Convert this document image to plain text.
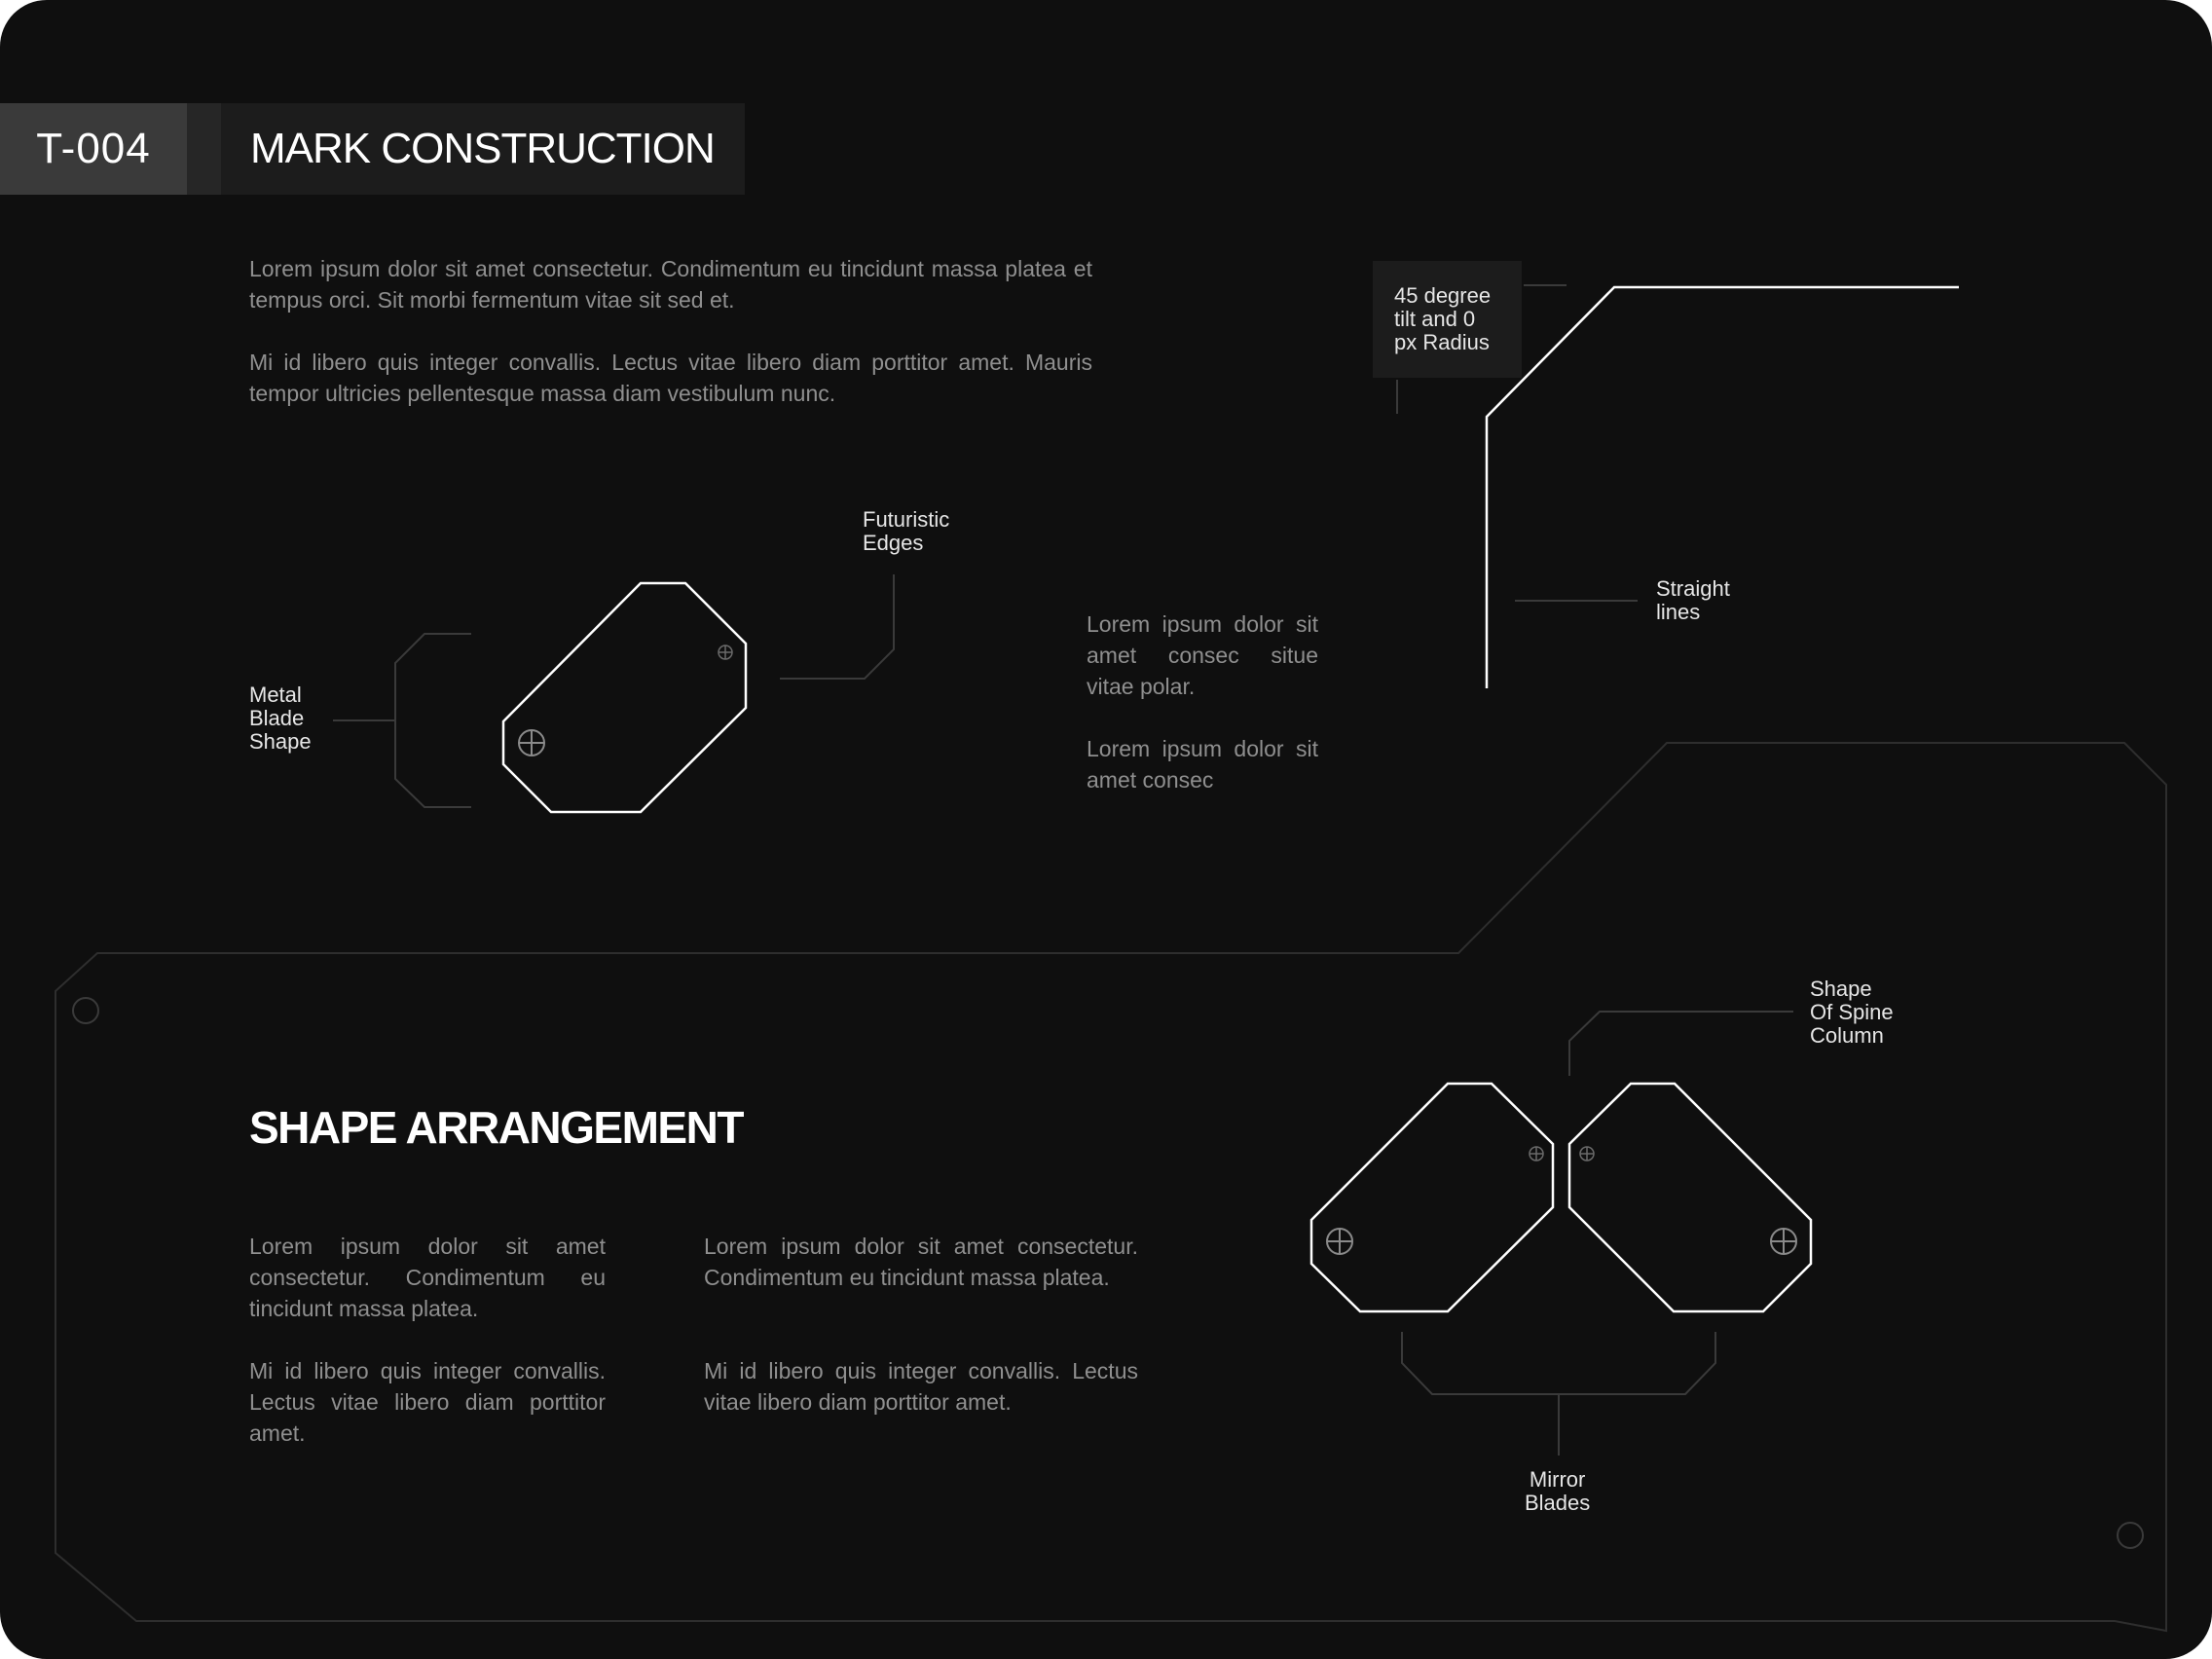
T-004	MARK CONSTRUCTION

Lorem ipsum dolor sit amet consectetur. Condimentum eu tincidunt massa platea et tempus orci. Sit morbi fermentum vitae sit sed et.

Mi id libero quis integer convallis. Lectus vitae libero diam porttitor amet. Mauris tempor ultricies pellentesque massa diam vestibulum nunc.

Metal
Blade
Shape
Futuristic
Edges
45 degree
tilt and 0
px Radius
Straight
lines

Lorem ipsum dolor sit amet consec situe vitae polar.

Lorem ipsum dolor sit amet consec

SHAPE ARRANGEMENT

Lorem ipsum dolor sit amet consectetur. Condimentum eu tincidunt massa platea.

Mi id libero quis integer convallis. Lectus vitae libero diam porttitor amet.

Lorem ipsum dolor sit amet consectetur. Condimentum eu tincidunt massa platea.

Mi id libero quis integer convallis. Lectus vitae libero diam porttitor amet.

Shape
Of Spine
Column
Mirror
Blades
